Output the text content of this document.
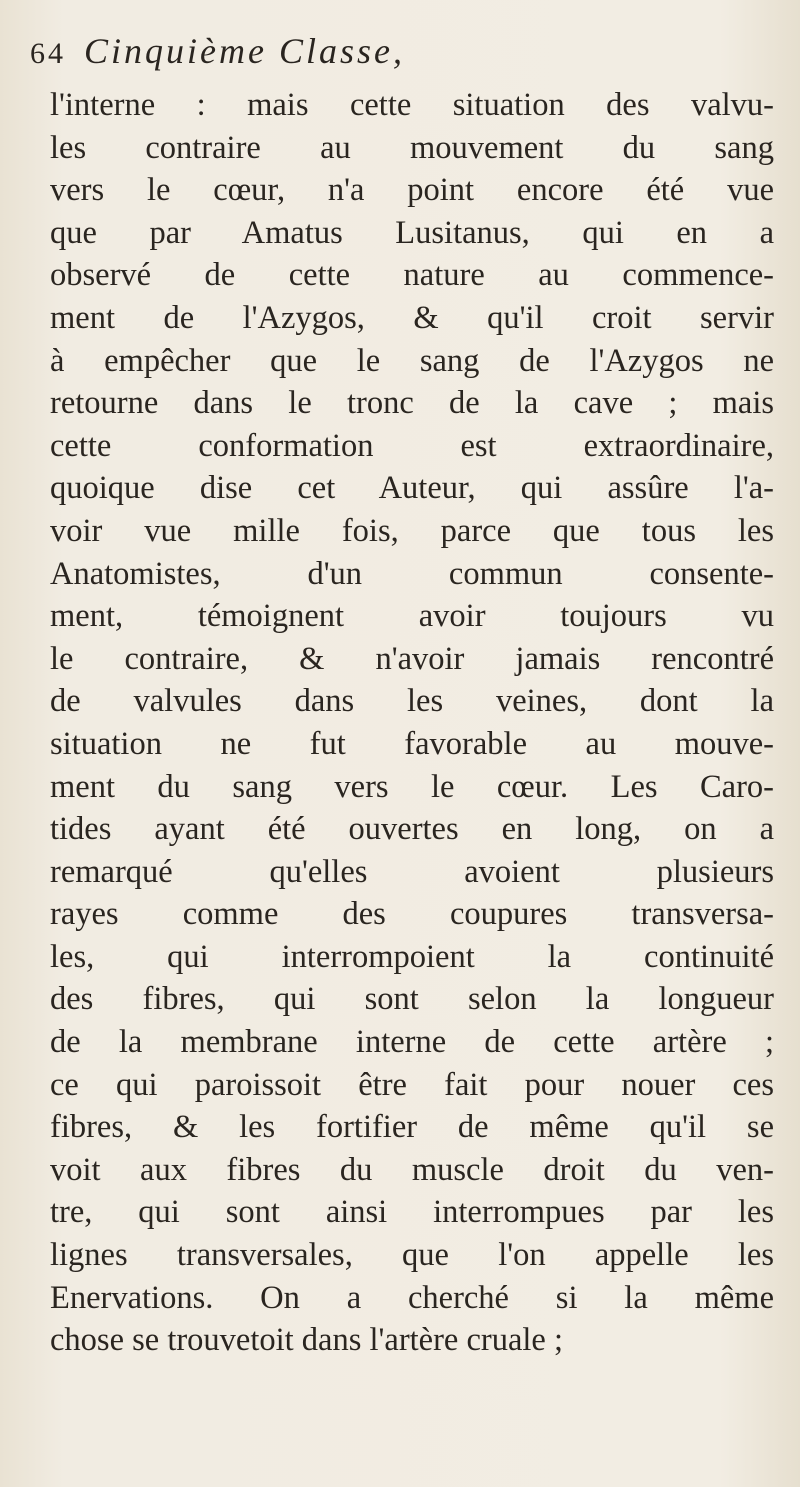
64 Cinquième Classe,
l'interne : mais cette situation des valvu-
les contraire au mouvement du sang
vers le cœur, n'a point encore été vue
que par Amatus Lusitanus, qui en a
observé de cette nature au commence-
ment de l'Azygos, & qu'il croit servir
à empêcher que le sang de l'Azygos ne
retourne dans le tronc de la cave ; mais
cette conformation est extraordinaire,
quoique dise cet Auteur, qui assûre l'a-
voir vue mille fois, parce que tous les
Anatomistes, d'un commun consente-
ment, témoignent avoir toujours vu
le contraire, & n'avoir jamais rencontré
de valvules dans les veines, dont la
situation ne fut favorable au mouve-
ment du sang vers le cœur. Les Caro-
tides ayant été ouvertes en long, on a
remarqué qu'elles avoient plusieurs
rayes comme des coupures transversa-
les, qui interrompoient la continuité
des fibres, qui sont selon la longueur
de la membrane interne de cette artère ;
ce qui paroissoit être fait pour nouer ces
fibres, & les fortifier de même qu'il se
voit aux fibres du muscle droit du ven-
tre, qui sont ainsi interrompues par les
lignes transversales, que l'on appelle les
Enervations. On a cherché si la même
chose se trouvetoit dans l'artère cruale ;
